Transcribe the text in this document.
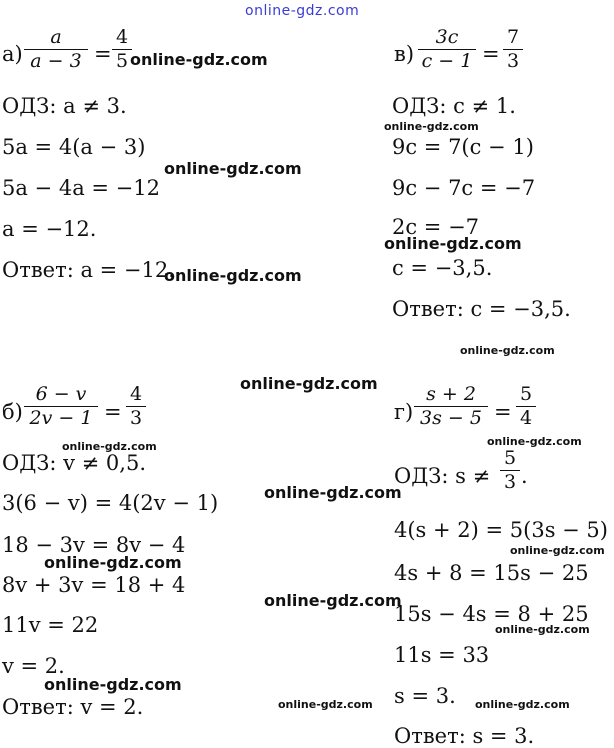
online-gdz.com
а)
a
a − 3 =
4
5
ОДЗ: a ≠ 3.
5a = 4(a − 3)
5a − 4a = −12
a = −12.
Ответ: a = −12.
в)
3c
c − 1 =
7
3
ОДЗ: c ≠ 1.
9c = 7(c − 1)
9c − 7c = −7
2c = −7
c = −3,5.
Ответ: c = −3,5.
б)
6 − v
2v − 1 =
4
3
ОДЗ: v ≠ 0,5.
3(6 − v) = 4(2v − 1)
18 − 3v = 8v − 4
8v + 3v = 18 + 4
11v = 22
v = 2.
Ответ: v = 2.
г)
s + 2
3s − 5 =
5
4
ОДЗ: s ≠
5
3 .
4(s + 2) = 5(3s − 5)
4s + 8 = 15s − 25
15s − 4s = 8 + 25
11s = 33
s = 3.
Ответ: s = 3.
online-gdz.com
online-gdz.com
online-gdz.com
online-gdz.com
online-gdz.com
online-gdz.com
online-gdz.com
online-gdz.com	online-gdz.com
online-gdz.com
online-gdz.com
online-gdz.com
online-gdz.com
online-gdz.com
online-gdz.com
online-gdz.com	online-gdz.com
